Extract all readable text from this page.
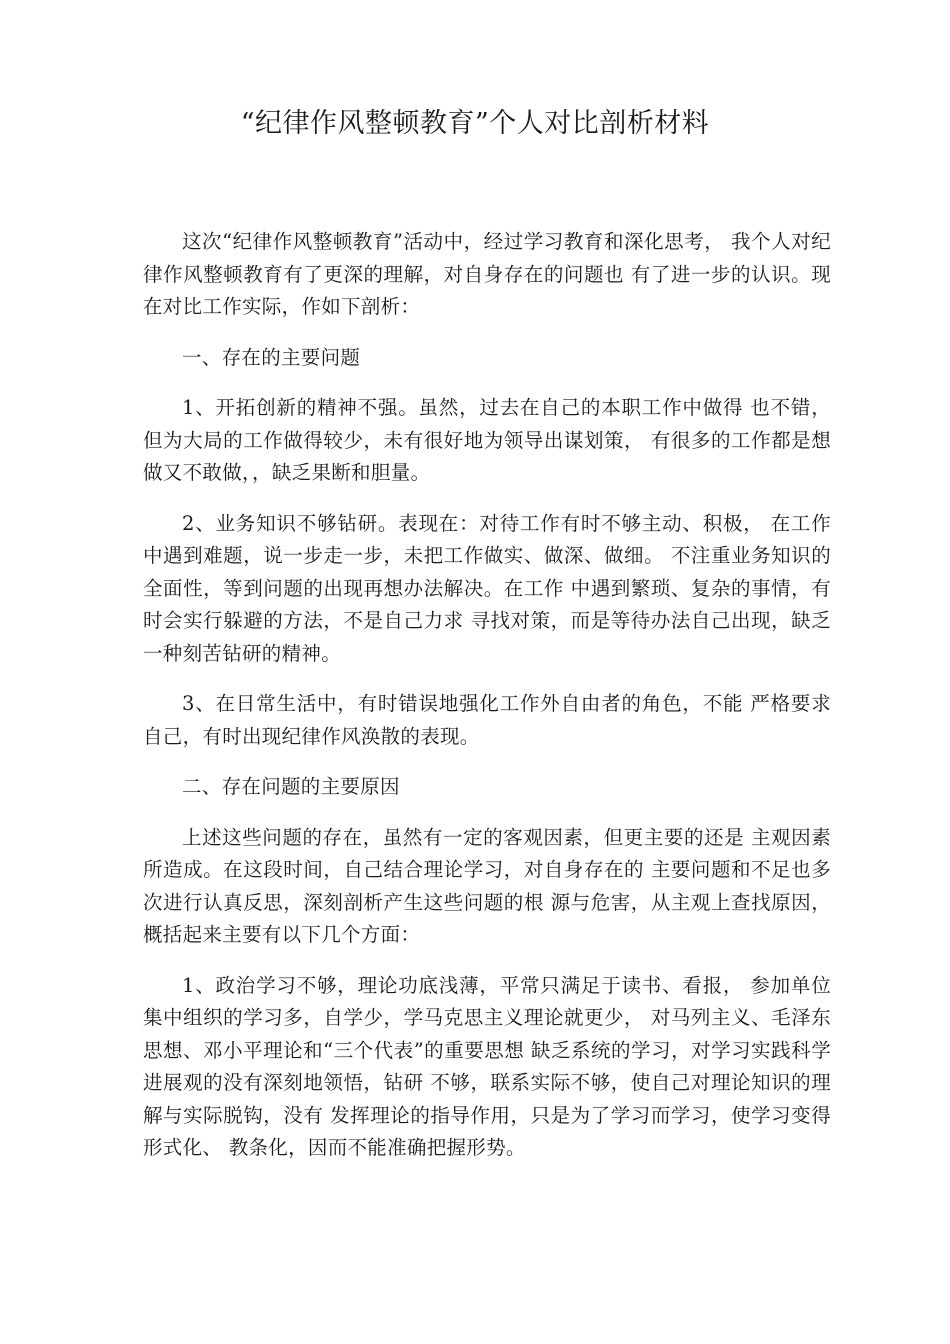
“纪律作风整顿教育”个人对比剖析材料

这次“纪律作风整顿教育”活动中，经过学习教育和深化思考， 我个人对纪律作风整顿教育有了更深的理解，对自身存在的问题也 有了进一步的认识。现在对比工作实际，作如下剖析：

一、存在的主要问题

1、开拓创新的精神不强。虽然，过去在自己的本职工作中做得 也不错，但为大局的工作做得较少，未有很好地为领导出谋划策， 有很多的工作都是想做又不敢做，，缺乏果断和胆量。

2、业务知识不够钻研。表现在：对待工作有时不够主动、积极， 在工作中遇到难题，说一步走一步，未把工作做实、做深、做细。 不注重业务知识的全面性，等到问题的出现再想办法解决。在工作 中遇到繁琐、复杂的事情，有时会实行躲避的方法，不是自己力求 寻找对策，而是等待办法自己出现，缺乏一种刻苦钻研的精神。

3、在日常生活中，有时错误地强化工作外自由者的角色，不能 严格要求自己，有时出现纪律作风涣散的表现。

二、存在问题的主要原因

上述这些问题的存在，虽然有一定的客观因素，但更主要的还是 主观因素所造成。在这段时间，自己结合理论学习，对自身存在的 主要问题和不足也多次进行认真反思，深刻剖析产生这些问题的根 源与危害，从主观上查找原因，概括起来主要有以下几个方面：

1、政治学习不够，理论功底浅薄，平常只满足于读书、看报， 参加单位集中组织的学习多，自学少，学马克思主义理论就更少， 对马列主义、毛泽东思想、邓小平理论和“三个代表”的重要思想 缺乏系统的学习，对学习实践科学进展观的没有深刻地领悟，钻研 不够，联系实际不够，使自己对理论知识的理解与实际脱钩，没有 发挥理论的指导作用，只是为了学习而学习，使学习变得形式化、 教条化，因而不能准确把握形势。
